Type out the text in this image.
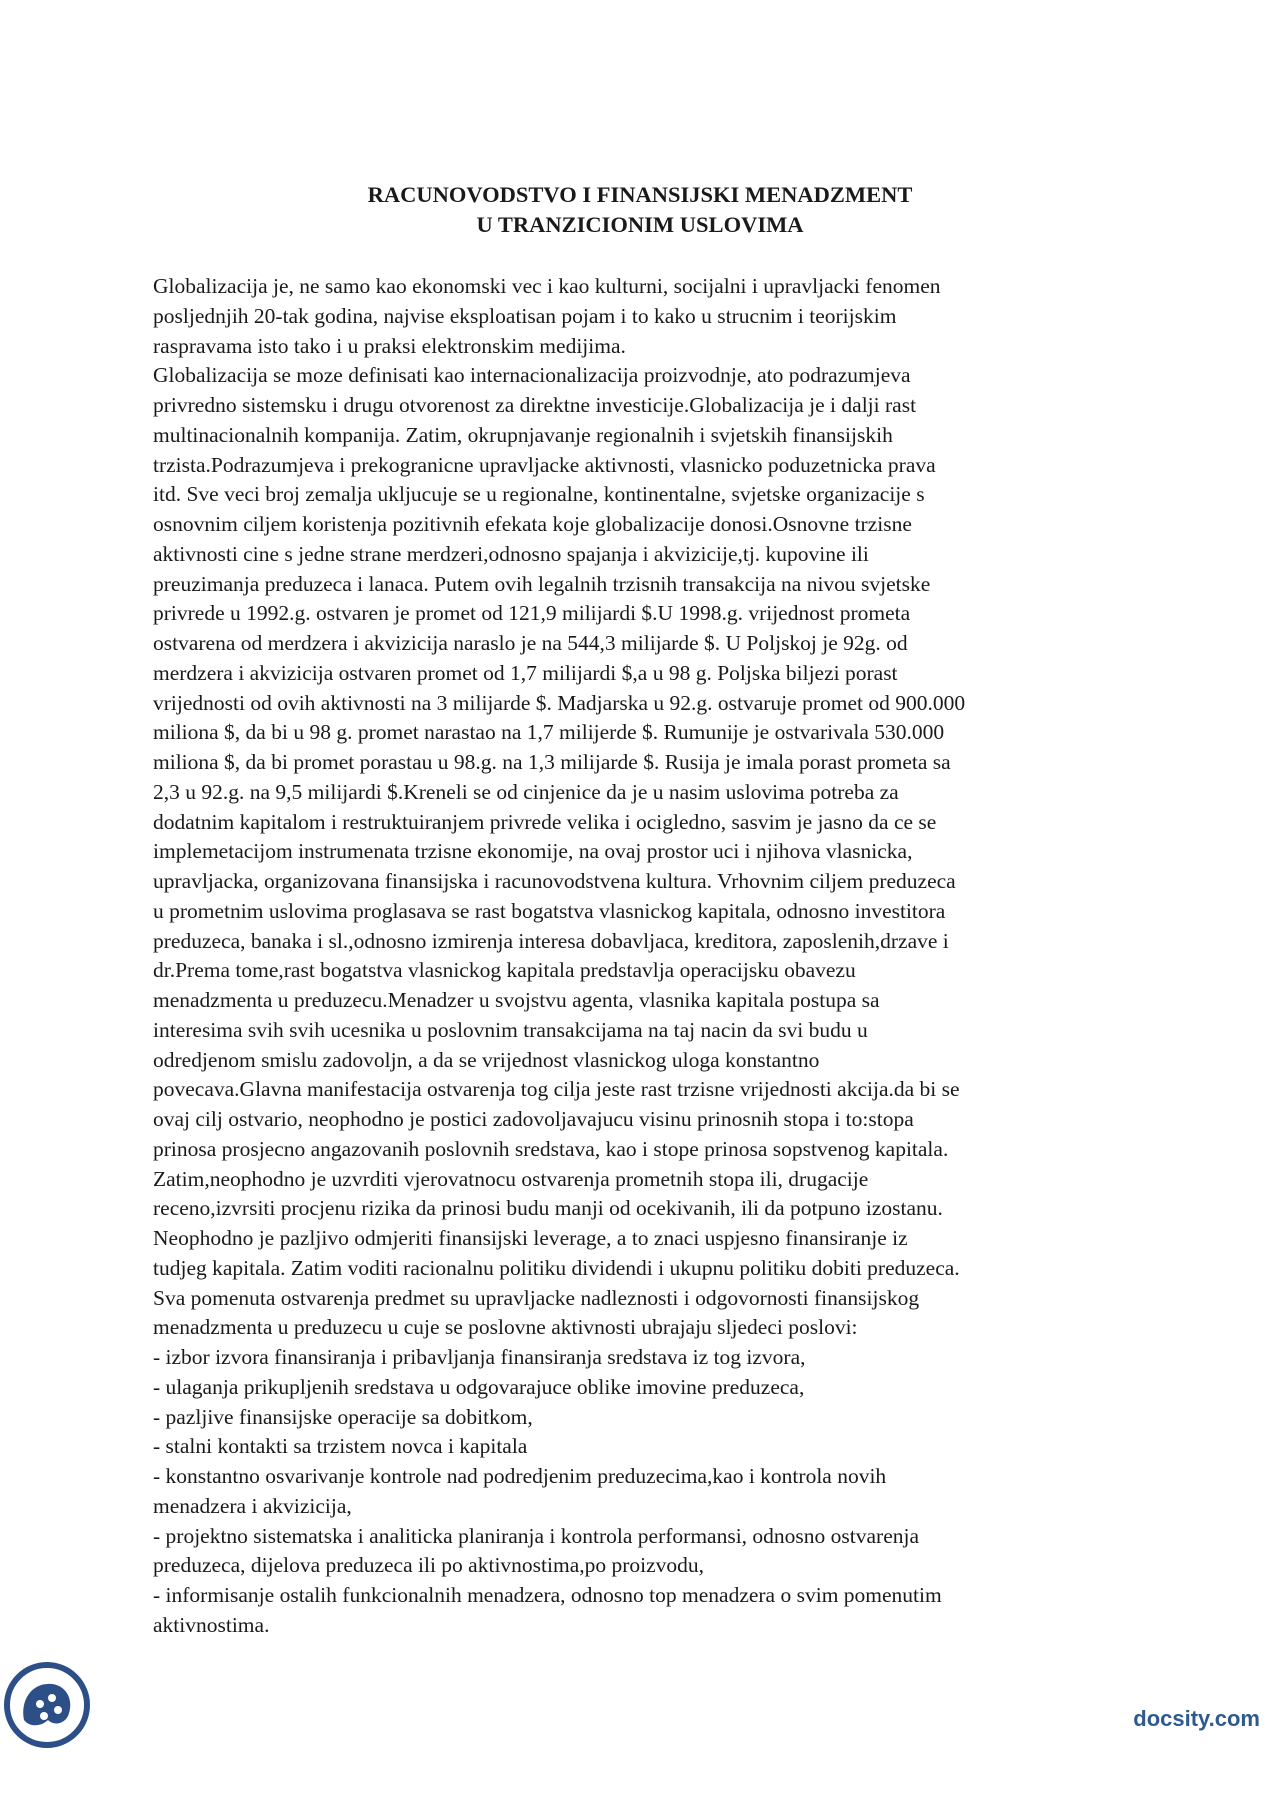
RACUNOVODSTVO I FINANSIJSKI MENADZMENT
U TRANZICIONIM USLOVIMA

Globalizacija je, ne samo kao ekonomski vec i kao kulturni, socijalni i upravljacki fenomen

posljednjih 20-tak godina, najvise eksploatisan pojam i to kako u strucnim i teorijskim

raspravama isto tako i u praksi elektronskim medijima.

Globalizacija se moze definisati kao internacionalizacija proizvodnje, ato podrazumjeva

privredno sistemsku i drugu otvorenost za direktne investicije.Globalizacija je i dalji rast

multinacionalnih kompanija. Zatim, okrupnjavanje regionalnih i svjetskih finansijskih

trzista.Podrazumjeva i prekogranicne upravljacke aktivnosti, vlasnicko poduzetnicka prava

itd. Sve veci broj zemalja ukljucuje se u regionalne, kontinentalne, svjetske organizacije s

osnovnim ciljem koristenja pozitivnih efekata koje globalizacije donosi.Osnovne trzisne

aktivnosti cine s jedne strane merdzeri,odnosno spajanja i akvizicije,tj. kupovine ili

preuzimanja preduzeca i lanaca. Putem ovih legalnih trzisnih transakcija na nivou svjetske

privrede u 1992.g. ostvaren je promet od 121,9 milijardi $.U 1998.g. vrijednost prometa

ostvarena od merdzera i akvizicija naraslo je na 544,3 milijarde $. U Poljskoj je 92g. od

merdzera i akvizicija ostvaren promet od 1,7 milijardi $,a u 98 g. Poljska biljezi porast

vrijednosti od ovih aktivnosti na 3 milijarde $. Madjarska u 92.g. ostvaruje promet od 900.000

miliona $, da bi u 98 g. promet narastao na 1,7 milijerde $. Rumunije je ostvarivala 530.000

miliona $, da bi promet porastau u 98.g. na 1,3 milijarde $. Rusija je imala porast prometa sa

2,3 u 92.g. na 9,5 milijardi $.Kreneli se od cinjenice da je u nasim uslovima potreba za

dodatnim kapitalom i restruktuiranjem privrede velika i ocigledno, sasvim je jasno da ce se

implemetacijom instrumenata trzisne ekonomije, na ovaj prostor uci i njihova vlasnicka,

upravljacka, organizovana finansijska i racunovodstvena kultura. Vrhovnim ciljem preduzeca

u prometnim uslovima proglasava se rast bogatstva vlasnickog kapitala, odnosno investitora

preduzeca, banaka i sl.,odnosno izmirenja interesa dobavljaca, kreditora, zaposlenih,drzave i

dr.Prema tome,rast bogatstva vlasnickog kapitala predstavlja operacijsku obavezu

menadzmenta u preduzecu.Menadzer u svojstvu agenta, vlasnika kapitala postupa sa

interesima svih svih ucesnika u poslovnim transakcijama na taj nacin da svi budu u

odredjenom smislu zadovoljn, a da se vrijednost vlasnickog uloga konstantno

povecava.Glavna manifestacija ostvarenja tog cilja jeste rast trzisne vrijednosti akcija.da bi se

ovaj cilj ostvario, neophodno je postici zadovoljavajucu visinu prinosnih stopa i to:stopa

prinosa prosjecno angazovanih poslovnih sredstava, kao i stope prinosa sopstvenog kapitala.

Zatim,neophodno je uzvrditi vjerovatnocu ostvarenja prometnih stopa ili, drugacije

receno,izvrsiti procjenu rizika da prinosi budu manji od ocekivanih, ili da potpuno izostanu.

Neophodno je pazljivo odmjeriti finansijski leverage, a to znaci uspjesno finansiranje iz

tudjeg kapitala. Zatim voditi racionalnu politiku dividendi i ukupnu politiku dobiti preduzeca.

Sva pomenuta ostvarenja predmet su upravljacke nadleznosti i odgovornosti finansijskog

menadzmenta u preduzecu u cuje se poslovne aktivnosti ubrajaju sljedeci poslovi:

- izbor izvora finansiranja i pribavljanja finansiranja sredstava iz tog izvora,

- ulaganja prikupljenih sredstava u odgovarajuce oblike imovine preduzeca,

- pazljive finansijske operacije sa dobitkom,

- stalni kontakti sa trzistem novca i kapitala

- konstantno osvarivanje kontrole nad podredjenim preduzecima,kao i kontrola novih

menadzera i akvizicija,

- projektno sistematska i analiticka planiranja i kontrola performansi, odnosno ostvarenja

preduzeca, dijelova preduzeca ili po aktivnostima,po proizvodu,

- informisanje ostalih funkcionalnih menadzera, odnosno top menadzera o svim pomenutim

aktivnostima.

docsity.com
